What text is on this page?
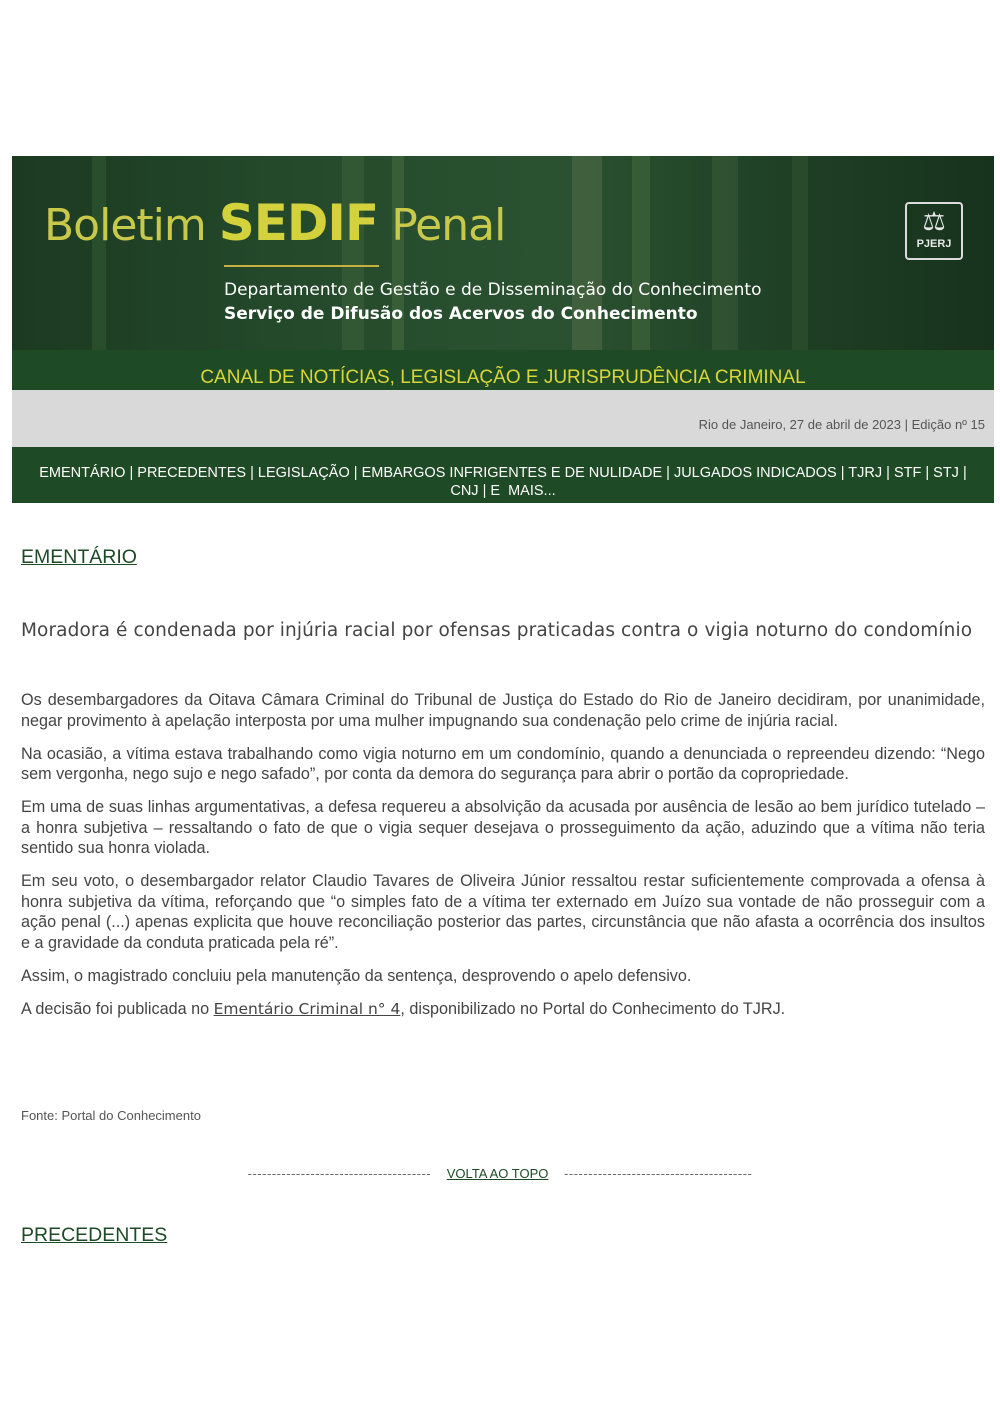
Boletim SEDIF Penal
Departamento de Gestão e de Disseminação do Conhecimento
Serviço de Difusão dos Acervos do Conhecimento
⚖
PJERJ
CANAL DE NOTÍCIAS, LEGISLAÇÃO E JURISPRUDÊNCIA CRIMINAL
Rio de Janeiro, 27 de abril de 2023 | Edição nº 15
EMENTÁRIO | PRECEDENTES | LEGISLAÇÃO | EMBARGOS INFRIGENTES E DE NULIDADE | JULGADOS INDICADOS | TJRJ | STF | STJ | CNJ | E  MAIS...
EMENTÁRIO
Moradora é condenada por injúria racial por ofensas praticadas contra o vigia noturno do condomínio

Os desembargadores da Oitava Câmara Criminal do Tribunal de Justiça do Estado do Rio de Janeiro decidiram, por unanimidade, negar provimento à apelação interposta por uma mulher impugnando sua condenação pelo crime de injúria racial.

Na ocasião, a vítima estava trabalhando como vigia noturno em um condomínio, quando a denunciada o repreendeu dizendo: “Nego sem vergonha, nego sujo e nego safado”, por conta da demora do segurança para abrir o portão da copropriedade.

Em uma de suas linhas argumentativas, a defesa requereu a absolvição da acusada por ausência de lesão ao bem jurídico tutelado – a honra subjetiva – ressaltando o fato de que o vigia sequer desejava o prosseguimento da ação, aduzindo que a vítima não teria sentido sua honra violada.

Em seu voto, o desembargador relator Claudio Tavares de Oliveira Júnior ressaltou restar suficientemente comprovada a ofensa à honra subjetiva da vítima, reforçando que “o simples fato de a vítima ter externado em Juízo sua vontade de não prosseguir com a ação penal (...) apenas explicita que houve reconciliação posterior das partes, circunstância que não afasta a ocorrência dos insultos e a gravidade da conduta praticada pela ré”.

Assim, o magistrado concluiu pela manutenção da sentença, desprovendo o apelo defensivo.

A decisão foi publicada no Ementário Criminal n° 4, disponibilizado no Portal do Conhecimento do TJRJ.

Fonte: Portal do Conhecimento
-------------------------------------- VOLTA AO TOPO ---------------------------------------
PRECEDENTES
